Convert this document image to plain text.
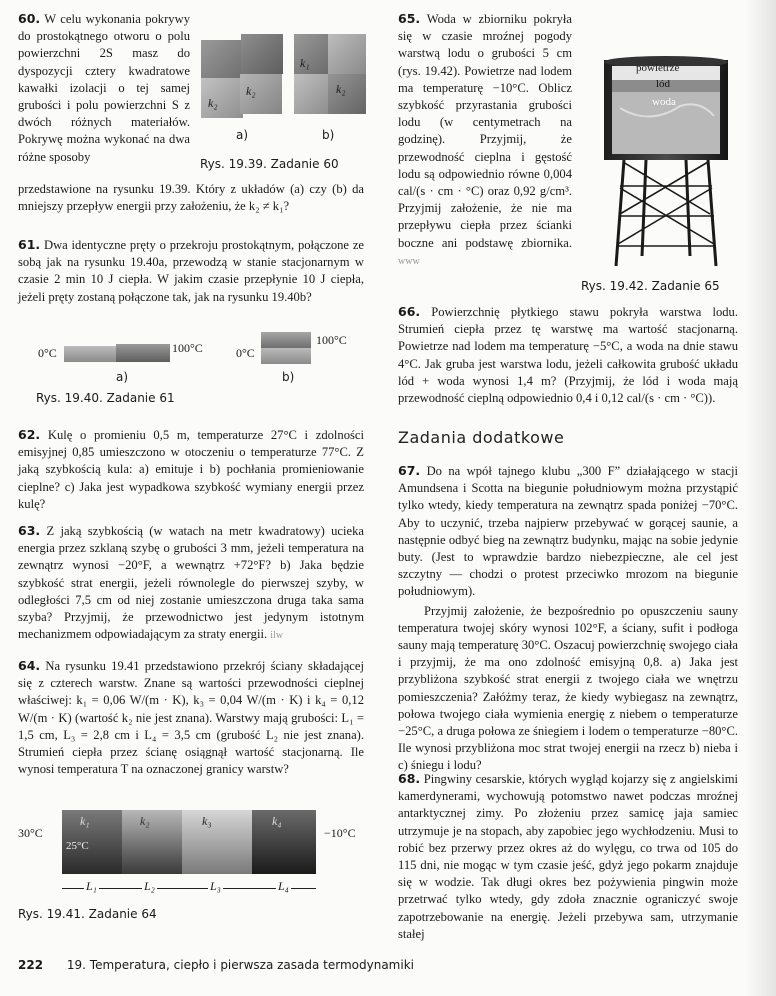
60. W celu wykonania pokrywy do prostokątnego otworu o polu powierzchni 2S masz do dyspozycji cztery kwadratowe kawałki izolacji o tej samej grubości i polu powierzchni S z dwóch różnych materiałów. Pokrywę można wykonać na dwa różne sposoby
przedstawione na rysunku 19.39. Który z układów (a) czy (b) da mniejszy przepływ energii przy założeniu, że k₂ ≠ k₁?
k₂
k₂
a)
k₁
k₂
b)
Rys. 19.39. Zadanie 60
61. Dwa identyczne pręty o przekroju prostokątnym, połączone ze sobą jak na rysunku 19.40a, przewodzą w stanie stacjonarnym w czasie 2 min 10 J ciepła. W jakim czasie przepłynie 10 J ciepła, jeżeli pręty zostaną połączone tak, jak na rysunku 19.40b?
0°C	100°C
a)
0°C
100°C
b)
Rys. 19.40. Zadanie 61
62. Kulę o promieniu 0,5 m, temperaturze 27°C i zdolności emisyjnej 0,85 umieszczono w otoczeniu o temperaturze 77°C. Z jaką szybkością kula: a) emituje i b) pochłania promieniowanie cieplne? c) Jaka jest wypadkowa szybkość wymiany energii przez kulę?
63. Z jaką szybkością (w watach na metr kwadratowy) ucieka energia przez szklaną szybę o grubości 3 mm, jeżeli temperatura na zewnątrz wynosi −20°F, a wewnątrz +72°F? b) Jaka będzie szybkość strat energii, jeżeli równolegle do pierwszej szyby, w odległości 7,5 cm od niej zostanie umieszczona druga taka sama szyba? Przyjmij, że przewodnictwo jest jedynym istotnym mechanizmem odpowiadającym za straty energii. ilw
64. Na rysunku 19.41 przedstawiono przekrój ściany składającej się z czterech warstw. Znane są wartości przewodności cieplnej właściwej: k₁ = 0,06 W/(m · K), k₃ = 0,04 W/(m · K) i k₄ = 0,12 W/(m · K) (wartość k₂ nie jest znana). Warstwy mają grubości: L₁ = 1,5 cm, L₃ = 2,8 cm i L₄ = 3,5 cm (grubość L₂ nie jest znana). Strumień ciepła przez ścianę osiągnął wartość stacjonarną. Ile wynosi temperatura T na oznaczonej granicy warstw?
30°C
k₁	k₂	k₃	k₄
25°C
−10°C
L₁	L₂	L₃	L₄
Rys. 19.41. Zadanie 64
65. Woda w zbiorniku pokryła się w czasie mroźnej pogody warstwą lodu o grubości 5 cm (rys. 19.42). Powietrze nad lodem ma temperaturę −10°C. Oblicz szybkość przyrastania grubości lodu (w centymetrach na godzinę). Przyjmij, że przewodność cieplna i gęstość lodu są odpowiednio równe 0,004 cal/(s · cm · °C) oraz 0,92 g/cm³. Przyjmij założenie, że nie ma przepływu ciepła przez ścianki boczne ani podstawę zbiornika. www
powietrze
lód
woda
Rys. 19.42. Zadanie 65
66. Powierzchnię płytkiego stawu pokryła warstwa lodu. Strumień ciepła przez tę warstwę ma wartość stacjonarną. Powietrze nad lodem ma temperaturę −5°C, a woda na dnie stawu 4°C. Jak gruba jest warstwa lodu, jeżeli całkowita grubość układu lód + woda wynosi 1,4 m? (Przyjmij, że lód i woda mają przewodność cieplną odpowiednio 0,4 i 0,12 cal/(s · cm · °C)).
Zadania dodatkowe
67. Do na wpół tajnego klubu „300 F” działającego w stacji Amundsena i Scotta na biegunie południowym można przystąpić tylko wtedy, kiedy temperatura na zewnątrz spada poniżej −70°C. Aby to uczynić, trzeba najpierw przebywać w gorącej saunie, a następnie odbyć bieg na zewnątrz budynku, mając na sobie jedynie buty. (Jest to wprawdzie bardzo niebezpieczne, ale cel jest szczytny — chodzi o protest przeciwko mrozom na biegunie południowym).
Przyjmij założenie, że bezpośrednio po opuszczeniu sauny temperatura twojej skóry wynosi 102°F, a ściany, sufit i podłoga sauny mają temperaturę 30°C. Oszacuj powierzchnię swojego ciała i przyjmij, że ma ono zdolność emisyjną 0,8. a) Jaka jest przybliżona szybkość strat energii z twojego ciała we wnętrzu pomieszczenia? Załóżmy teraz, że kiedy wybiegasz na zewnątrz, połowa twojego ciała wymienia energię z niebem o temperaturze −25°C, a druga połowa ze śniegiem i lodem o temperaturze −80°C. Ile wynosi przybliżona moc strat twojej energii na rzecz b) nieba i c) śniegu i lodu?
68. Pingwiny cesarskie, których wygląd kojarzy się z angielskimi kamerdynerami, wychowują potomstwo nawet podczas mroźnej antarktycznej zimy. Po złożeniu przez samicę jaja samiec utrzymuje je na stopach, aby zapobiec jego wychłodzeniu. Musi to robić bez przerwy przez okres aż do wylęgu, co trwa od 105 do 115 dni, nie mogąc w tym czasie jeść, gdyż jego pokarm znajduje się w wodzie. Tak długi okres bez pożywienia pingwin może przetrwać tylko wtedy, gdy zdoła znacznie ograniczyć swoje zapotrzebowanie na energię. Jeżeli przebywa sam, utrzymanie stałej
222 19. Temperatura, ciepło i pierwsza zasada termodynamiki
